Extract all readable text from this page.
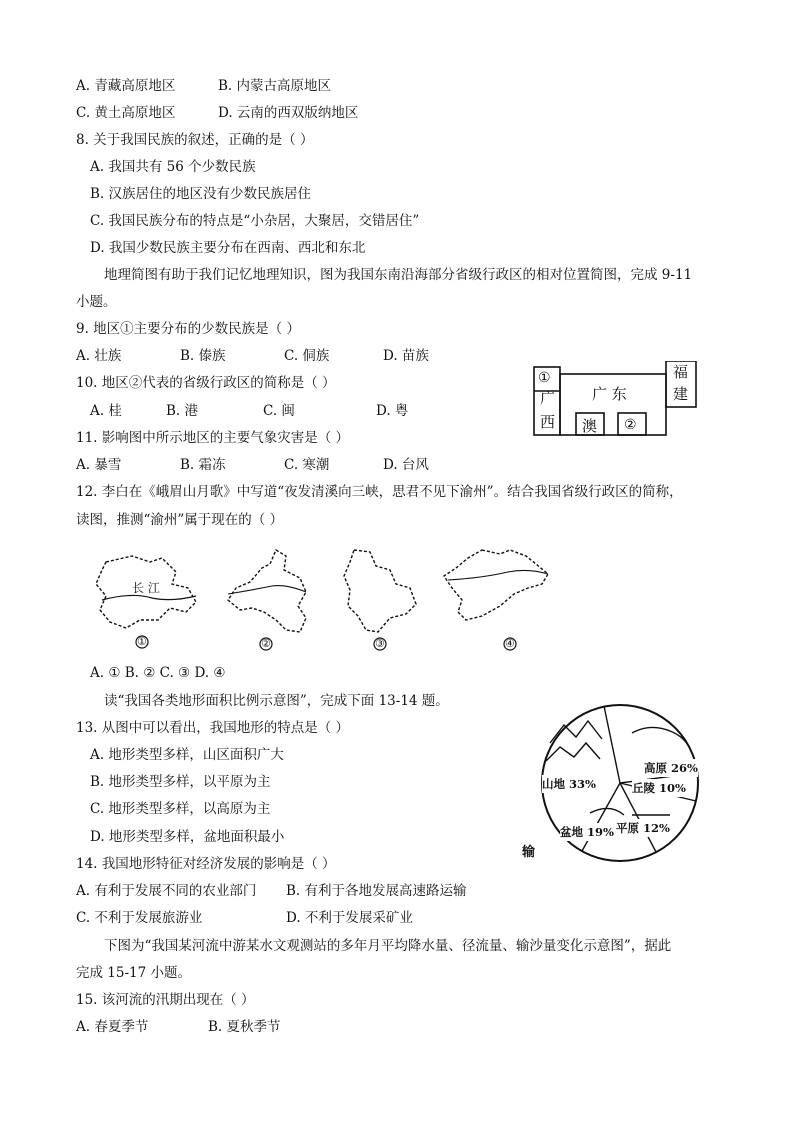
A. 青藏高原地区	B. 内蒙古高原地区
C. 黄土高原地区	D. 云南的西双版纳地区
8. 关于我国民族的叙述，正确的是（ ）
A. 我国共有 56 个少数民族
B. 汉族居住的地区没有少数民族居住
C. 我国民族分布的特点是“小杂居，大聚居，交错居住”
D. 我国少数民族主要分布在西南、西北和东北
地理简图有助于我们记忆地理知识，图为我国东南沿海部分省级行政区的相对位置简图，完成 9-11
小题。
9. 地区①主要分布的少数民族是（ ）
A. 壮族	B. 傣族	C. 侗族	D. 苗族
10. 地区②代表的省级行政区的简称是（ ）
A. 桂	B. 港	C. 闽	D. 粤
11. 影响图中所示地区的主要气象灾害是（ ）
A. 暴雪	B. 霜冻	C. 寒潮	D. 台风
①
广
西
广 东
澳 ②
福
建
12. 李白在《峨眉山月歌》中写道“夜发清溪向三峡，思君不见下渝州”。结合我国省级行政区的简称，
读图，推测“渝州”属于现在的（ ）
长 江
①	②	③	④
A. ① B. ② C. ③ D. ④
读“我国各类地形面积比例示意图”，完成下面 13-14 题。
13. 从图中可以看出，我国地形的特点是（ ）
A. 地形类型多样，山区面积广大
B. 地形类型多样，以平原为主
C. 地形类型多样，以高原为主
D. 地形类型多样，盆地面积最小
高原 26%
丘陵 10%
山地 33%
盆地 19% 平原 12%
输
14. 我国地形特征对经济发展的影响是（ ）
A. 有利于发展不同的农业部门 B. 有利于各地发展高速路运输
C. 不利于发展旅游业	D. 不利于发展采矿业
下图为“我国某河流中游某水文观测站的多年月平均降水量、径流量、输沙量变化示意图”，据此
完成 15-17 小题。
15. 该河流的汛期出现在（ ）
A. 春夏季节	B. 夏秋季节
